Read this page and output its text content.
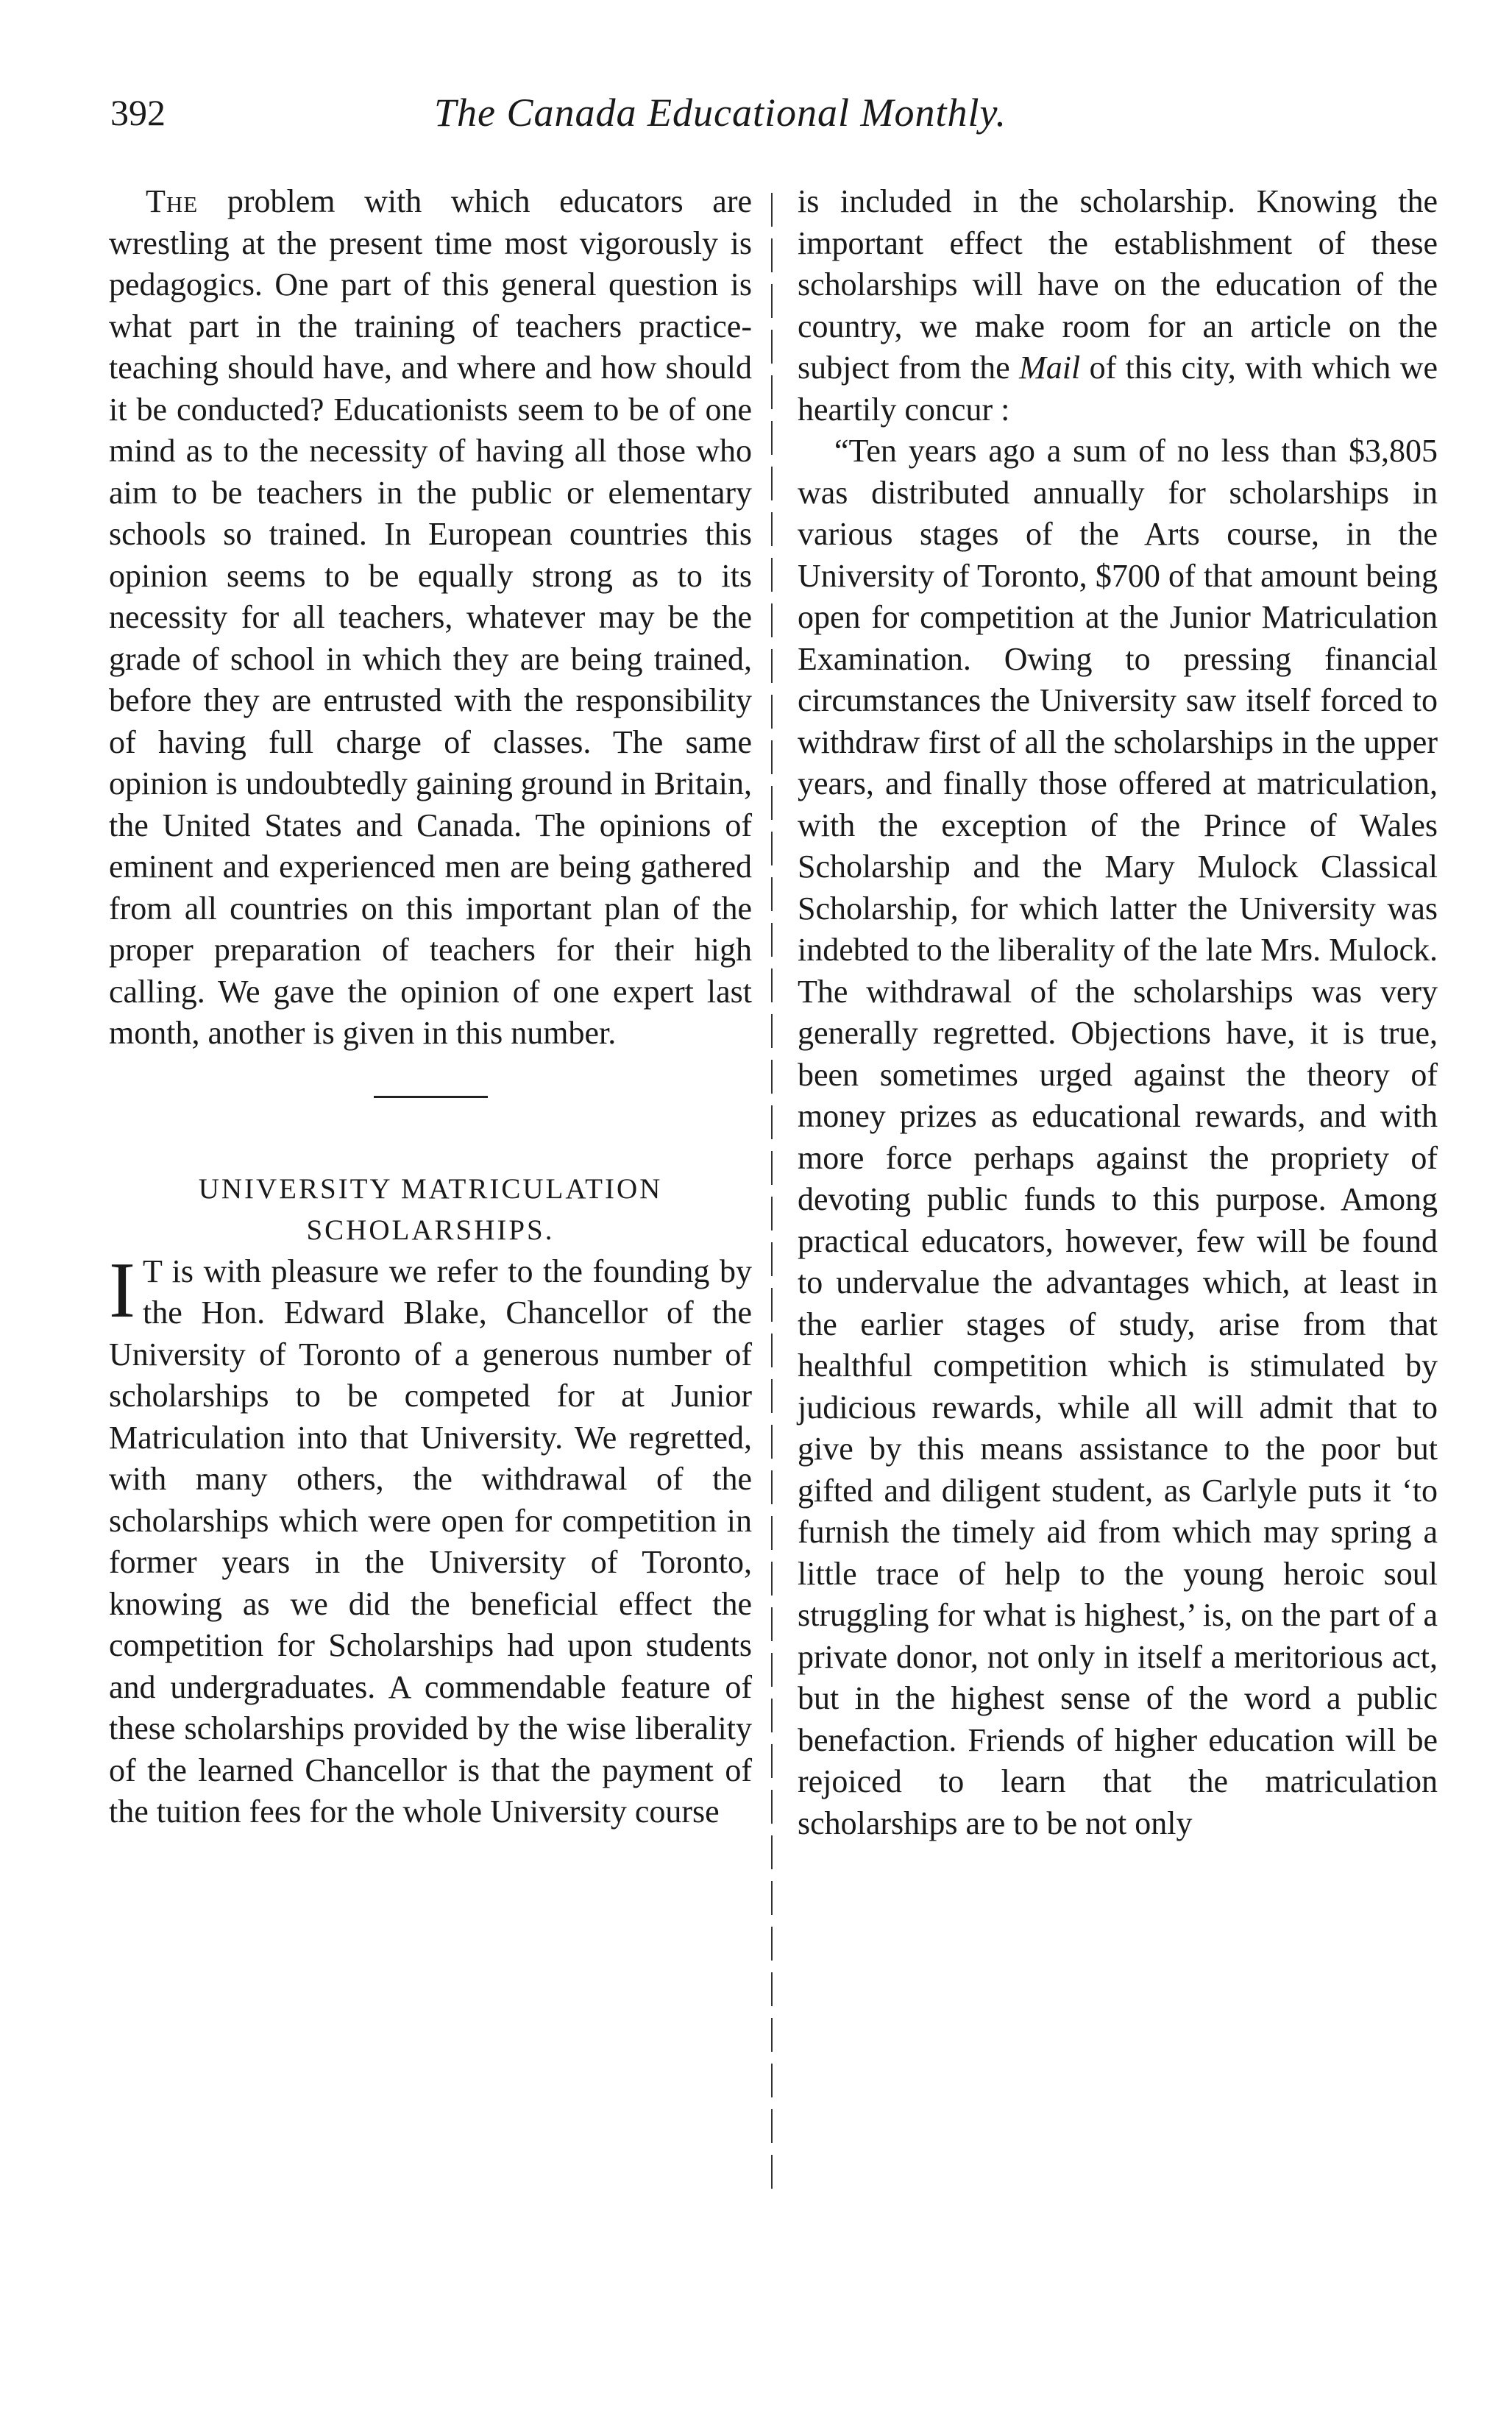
392	The Canada Educational Monthly.

The problem with which educators are wrestling at the present time most vigorously is pedagogics. One part of this general question is what part in the training of teachers practice-teaching should have, and where and how should it be conducted? Educationists seem to be of one mind as to the necessity of having all those who aim to be teachers in the public or elementary schools so trained. In European countries this opinion seems to be equally strong as to its necessity for all teachers, whatever may be the grade of school in which they are being trained, before they are entrusted with the responsibility of having full charge of classes. The same opinion is undoubtedly gaining ground in Britain, the United States and Canada. The opinions of eminent and experienced men are being gathered from all countries on this important plan of the proper preparation of teachers for their high calling. We gave the opinion of one expert last month, another is given in this number.

UNIVERSITY MATRICULATION SCHOLARSHIPS.

I T is with pleasure we refer to the founding by the Hon. Edward Blake, Chancellor of the University of Toronto of a generous number of scholarships to be competed for at Junior Matriculation into that University. We regretted, with many others, the withdrawal of the scholarships which were open for competition in former years in the University of Toronto, knowing as we did the beneficial effect the competition for Scholarships had upon students and undergraduates. A commendable feature of these scholarships provided by the wise liberality of the learned Chancellor is that the payment of the tuition fees for the whole University course

is included in the scholarship. Knowing the important effect the establishment of these scholarships will have on the education of the country, we make room for an article on the subject from the Mail of this city, with which we heartily concur :

“Ten years ago a sum of no less than $3,805 was distributed annually for scholarships in various stages of the Arts course, in the University of Toronto, $700 of that amount being open for competition at the Junior Matriculation Examination. Owing to pressing financial circumstances the University saw itself forced to withdraw first of all the scholarships in the upper years, and finally those offered at matriculation, with the exception of the Prince of Wales Scholarship and the Mary Mulock Classical Scholarship, for which latter the University was indebted to the liberality of the late Mrs. Mulock. The withdrawal of the scholarships was very generally regretted. Objections have, it is true, been sometimes urged against the theory of money prizes as educational rewards, and with more force perhaps against the propriety of devoting public funds to this purpose. Among practical educators, however, few will be found to undervalue the advantages which, at least in the earlier stages of study, arise from that healthful competition which is stimulated by judicious rewards, while all will admit that to give by this means assistance to the poor but gifted and diligent student, as Carlyle puts it ‘to furnish the timely aid from which may spring a little trace of help to the young heroic soul struggling for what is highest,’ is, on the part of a private donor, not only in itself a meritorious act, but in the highest sense of the word a public benefaction. Friends of higher education will be rejoiced to learn that the matriculation scholarships are to be not only
